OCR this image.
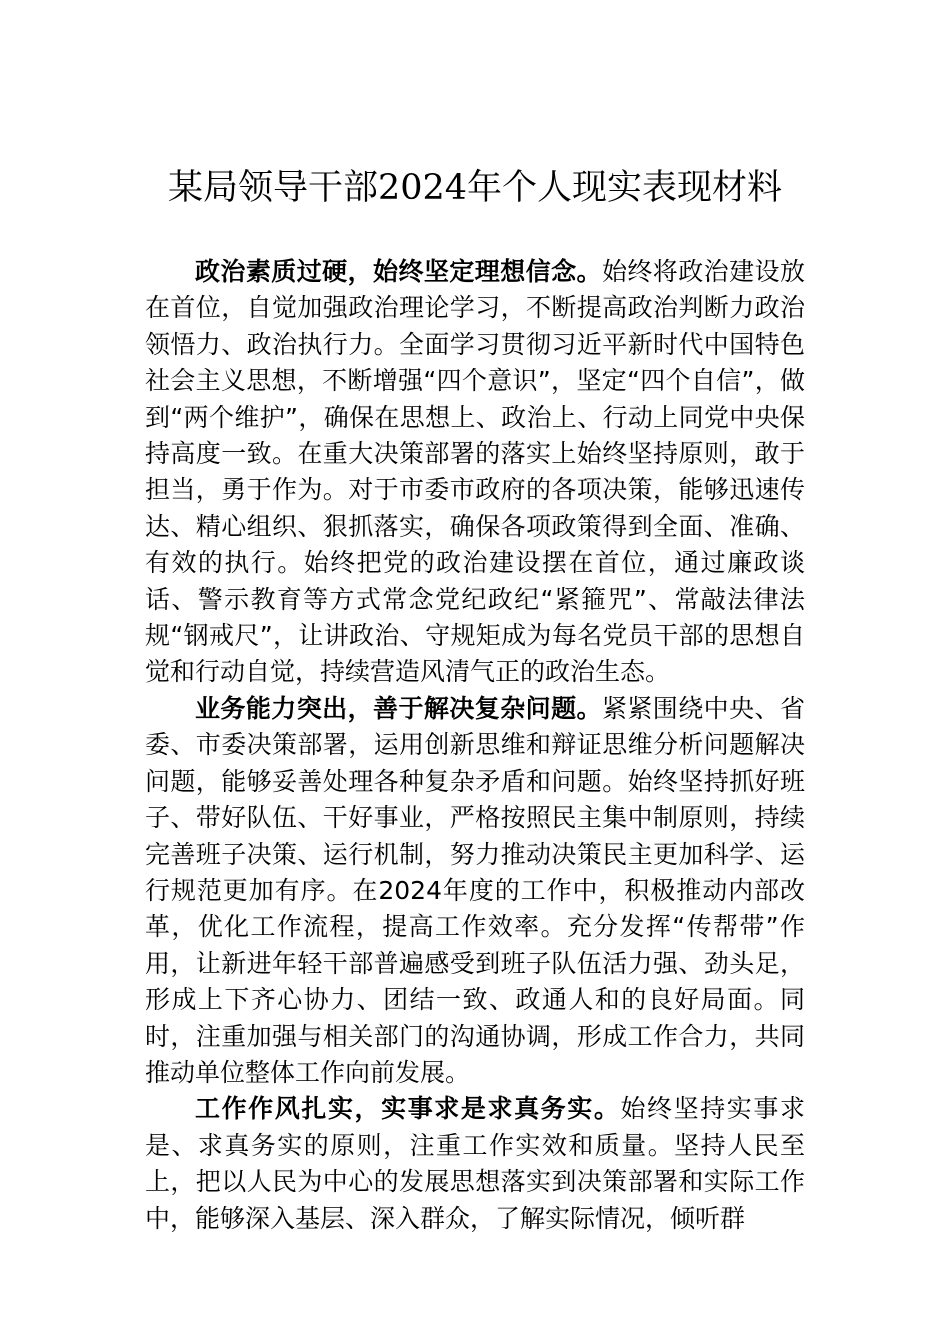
某局领导干部2024年个人现实表现材料

政治素质过硬，始终坚定理想信念。始终将政治建设放在首位，自觉加强政治理论学习，不断提高政治判断力政治领悟力、政治执行力。全面学习贯彻习近平新时代中国特色社会主义思想，不断增强“四个意识”，坚定“四个自信”，做到“两个维护”，确保在思想上、政治上、行动上同党中央保持高度一致。在重大决策部署的落实上始终坚持原则，敢于担当，勇于作为。对于市委市政府的各项决策，能够迅速传达、精心组织、狠抓落实，确保各项政策得到全面、准确、有效的执行。始终把党的政治建设摆在首位，通过廉政谈话、警示教育等方式常念党纪政纪“紧箍咒”、常敲法律法规“钢戒尺”，让讲政治、守规矩成为每名党员干部的思想自觉和行动自觉，持续营造风清气正的政治生态。

业务能力突出，善于解决复杂问题。紧紧围绕中央、省委、市委决策部署，运用创新思维和辩证思维分析问题解决问题，能够妥善处理各种复杂矛盾和问题。始终坚持抓好班子、带好队伍、干好事业，严格按照民主集中制原则，持续完善班子决策、运行机制，努力推动决策民主更加科学、运行规范更加有序。在2024年度的工作中，积极推动内部改革，优化工作流程，提高工作效率。充分发挥“传帮带”作用，让新进年轻干部普遍感受到班子队伍活力强、劲头足，形成上下齐心协力、团结一致、政通人和的良好局面。同时，注重加强与相关部门的沟通协调，形成工作合力，共同推动单位整体工作向前发展。

工作作风扎实，实事求是求真务实。始终坚持实事求是、求真务实的原则，注重工作实效和质量。坚持人民至上，把以人民为中心的发展思想落实到决策部署和实际工作中，能够深入基层、深入群众，了解实际情况，倾听群
